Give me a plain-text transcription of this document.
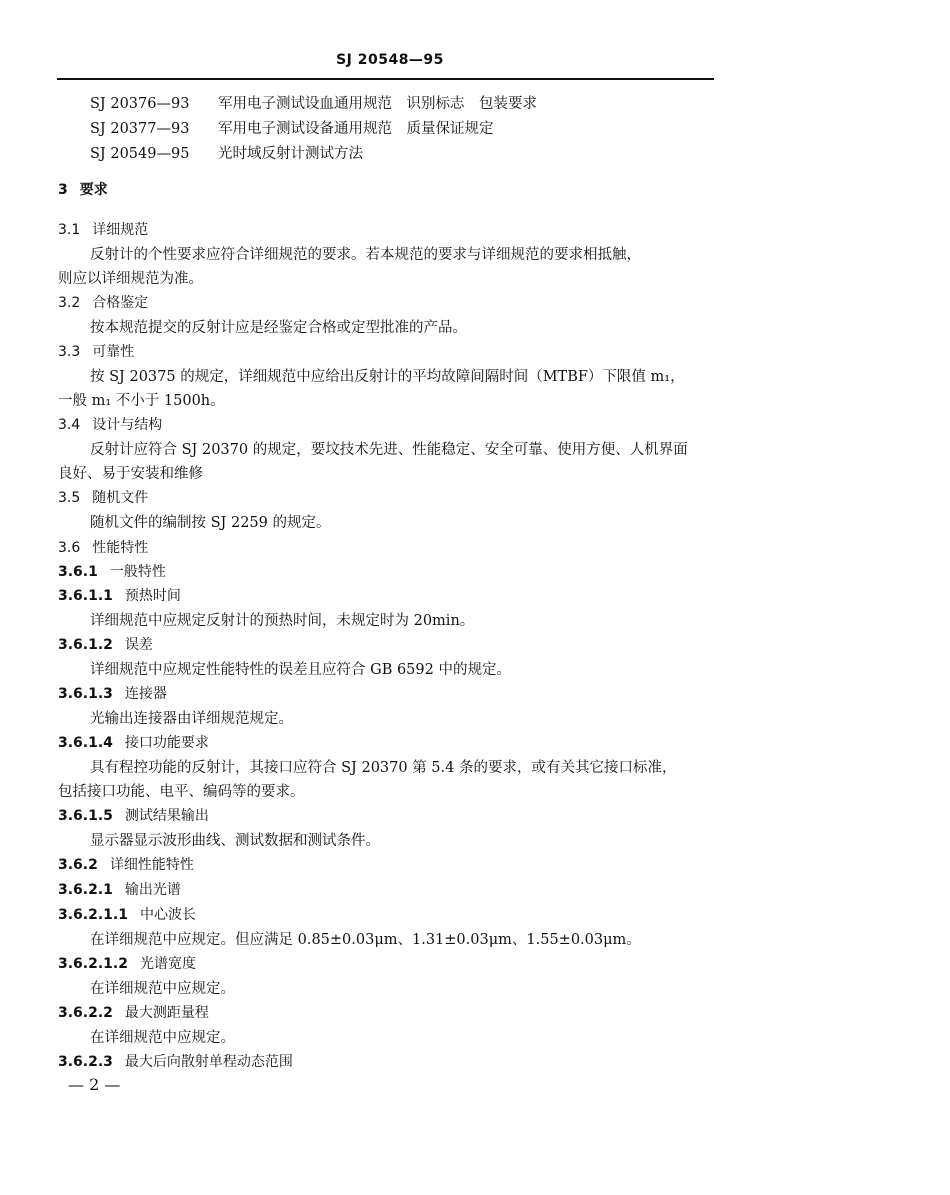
SJ 20548—95
SJ 20376—93 军用电子测试设血通用规范　识别标志　包装要求
SJ 20377—93 军用电子测试设备通用规范　质量保证规定
SJ 20549—95 光时域反射计测试方法
3 要求
3.1 详细规范
反射计的个性要求应符合详细规范的要求。若本规范的要求与详细规范的要求相抵触，
则应以详细规范为准。
3.2 合格鉴定
按本规范提交的反射计应是经鉴定合格或定型批准的产品。
3.3 可靠性
按 SJ 20375 的规定，详细规范中应给出反射计的平均故障间隔时间（MTBF）下限值 m₁，
一般 m₁ 不小于 1500h。
3.4 设计与结构
反射计应符合 SJ 20370 的规定，要坟技术先进、性能稳定、安全可靠、使用方便、人机界面
良好、易于安装和维修
3.5 随机文件
随机文件的编制按 SJ 2259 的规定。
3.6 性能特性
3.6.1 一般特性
3.6.1.1 预热时间
详细规范中应规定反射计的预热时间，未规定时为 20min。
3.6.1.2 误差
详细规范中应规定性能特性的误差且应符合 GB 6592 中的规定。
3.6.1.3 连接器
光输出连接器由详细规范规定。
3.6.1.4 接口功能要求
具有程控功能的反射计，其接口应符合 SJ 20370 第 5.4 条的要求，或有关其它接口标准，
包括接口功能、电平、编码等的要求。
3.6.1.5 测试结果输出
显示器显示波形曲线、测试数据和测试条件。
3.6.2 详细性能特性
3.6.2.1 输出光谱
3.6.2.1.1 中心波长
在详细规范中应规定。但应满足 0.85±0.03μm、1.31±0.03μm、1.55±0.03μm。
3.6.2.1.2 光谱宽度
在详细规范中应规定。
3.6.2.2 最大测距量程
在详细规范中应规定。
3.6.2.3 最大后向散射单程动态范围
— 2 —
